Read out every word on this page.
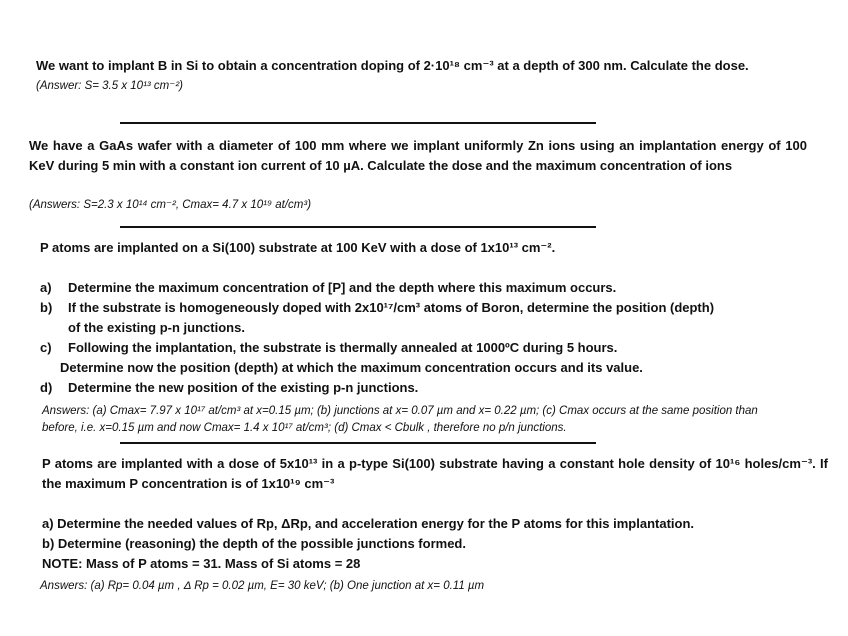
We want to implant B in Si to obtain a concentration doping of 2·10¹⁸ cm⁻³ at a depth of 300 nm. Calculate the dose.
(Answer: S= 3.5 x 10¹³ cm⁻²)
We have a GaAs wafer with a diameter of 100 mm where we implant uniformly Zn ions using an implantation energy of 100 KeV during 5 min with a constant ion current of 10 µA. Calculate the dose and the maximum concentration of ions
(Answers: S=2.3 x 10¹⁴ cm⁻², Cmax= 4.7 x 10¹⁹ at/cm³)
P atoms are implanted on a Si(100) substrate at 100 KeV with a dose of 1x10¹³ cm⁻².
a) Determine the maximum concentration of [P] and the depth where this maximum occurs.
b) If the substrate is homogeneously doped with 2x10¹⁷/cm³ atoms of Boron, determine the position (depth) of the existing p-n junctions.
c) Following the implantation, the substrate is thermally annealed at 1000ºC during 5 hours.
Determine now the position (depth) at which the maximum concentration occurs and its value.
d) Determine the new position of the existing p-n junctions.
Answers: (a) Cmax= 7.97 x 10¹⁷ at/cm³ at x=0.15 µm; (b) junctions at x= 0.07 µm and x= 0.22 µm; (c) Cmax occurs at the same position than before, i.e. x=0.15 µm and now Cmax= 1.4 x 10¹⁷ at/cm³; (d) Cmax < Cbulk , therefore no p/n junctions.
P atoms are implanted with a dose of 5x10¹³ in a p-type Si(100) substrate having a constant hole density of 10¹⁶ holes/cm⁻³. If the maximum P concentration is of 1x10¹⁹ cm⁻³
a) Determine the needed values of Rp, ΔRp, and acceleration energy for the P atoms for this implantation.
b) Determine (reasoning) the depth of the possible junctions formed.
NOTE: Mass of P atoms = 31. Mass of Si atoms = 28
Answers: (a) Rp= 0.04 µm , Δ Rp = 0.02 µm, E= 30 keV; (b) One junction at x= 0.11 µm
